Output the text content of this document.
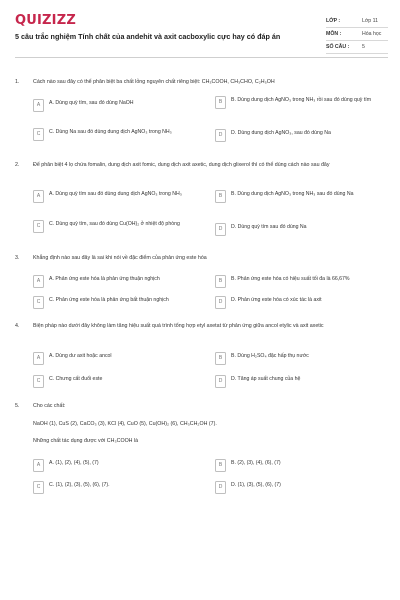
QUIZIZZ
5 câu trắc nghiệm Tính chất của andehit và axit cacboxylic cực hay có đáp án
LỚP :	Lớp 11
MÔN :	Hóa học
SỐ CÂU : 5
1.	Cách nào sau đây có thể phân biệt ba chất lỏng nguyên chất riêng biệt: CH₃COOH, CH₃CHO, C₂H₅OH
A	A. Dùng quỳ tím, sau đó dùng NaOH	B	B. Dùng dung dịch AgNO₃ trong NH₃ rồi sau đó dùng quỳ tím
C	C. Dùng Na sau đó dùng dung dịch AgNO₃ trong NH₃	D	D. Dùng dung dịch AgNO₃, sau đó dùng Na
2.	Để phân biệt 4 lọ chứa fomalin, dung dịch axit fomic, dung dịch axit axetic, dung dịch glixerol thì có thể dùng cách nào sau đây
A	A. Dùng quỳ tím sau đó dùng dung dịch AgNO₃ trong NH₃	B	B. Dùng dung dịch AgNO₃ trong NH₃ sau đó dùng Na
C	C. Dùng quỳ tím, sau đó dùng Cu(OH)₂ ở nhiệt độ phòng
D	D. Dùng quỳ tím sau đó dùng Na
3.	Khẳng định nào sau đây là sai khi nói về đặc điểm của phản ứng este hóa
A	A. Phản ứng este hóa là phản ứng thuận nghịch	B	B. Phản ứng este hóa có hiệu suất tối đa là 66,67%
C	C. Phản ứng este hóa là phản ứng bất thuận nghịch	D	D. Phản ứng este hóa có xúc tác là axit
4.	Biện pháp nào dưới đây không làm tăng hiệu suất quá trình tổng hợp etyl axetat từ phản ứng giữa ancol etylic và axit axetic
A	A. Dùng dư axit hoặc ancol	B	B. Dùng H₂SO₄ đặc hấp thụ nước
C	C. Chưng cất đuổi este	D	D. Tăng áp suất chung của hệ
5.	Cho các chất:
NaOH (1), CuS (2), CaCO₃ (3), KCl (4), CuO (5), Cu(OH)₂ (6), CH₃CH₂OH (7).
Những chất tác dụng được với CH₃COOH là
A	A. (1), (2), (4), (5), (7)	B	B. (2), (3), (4), (6), (7)
C	C. (1), (2), (3), (5), (6), (7).	D	D. (1), (3), (5), (6), (7)
